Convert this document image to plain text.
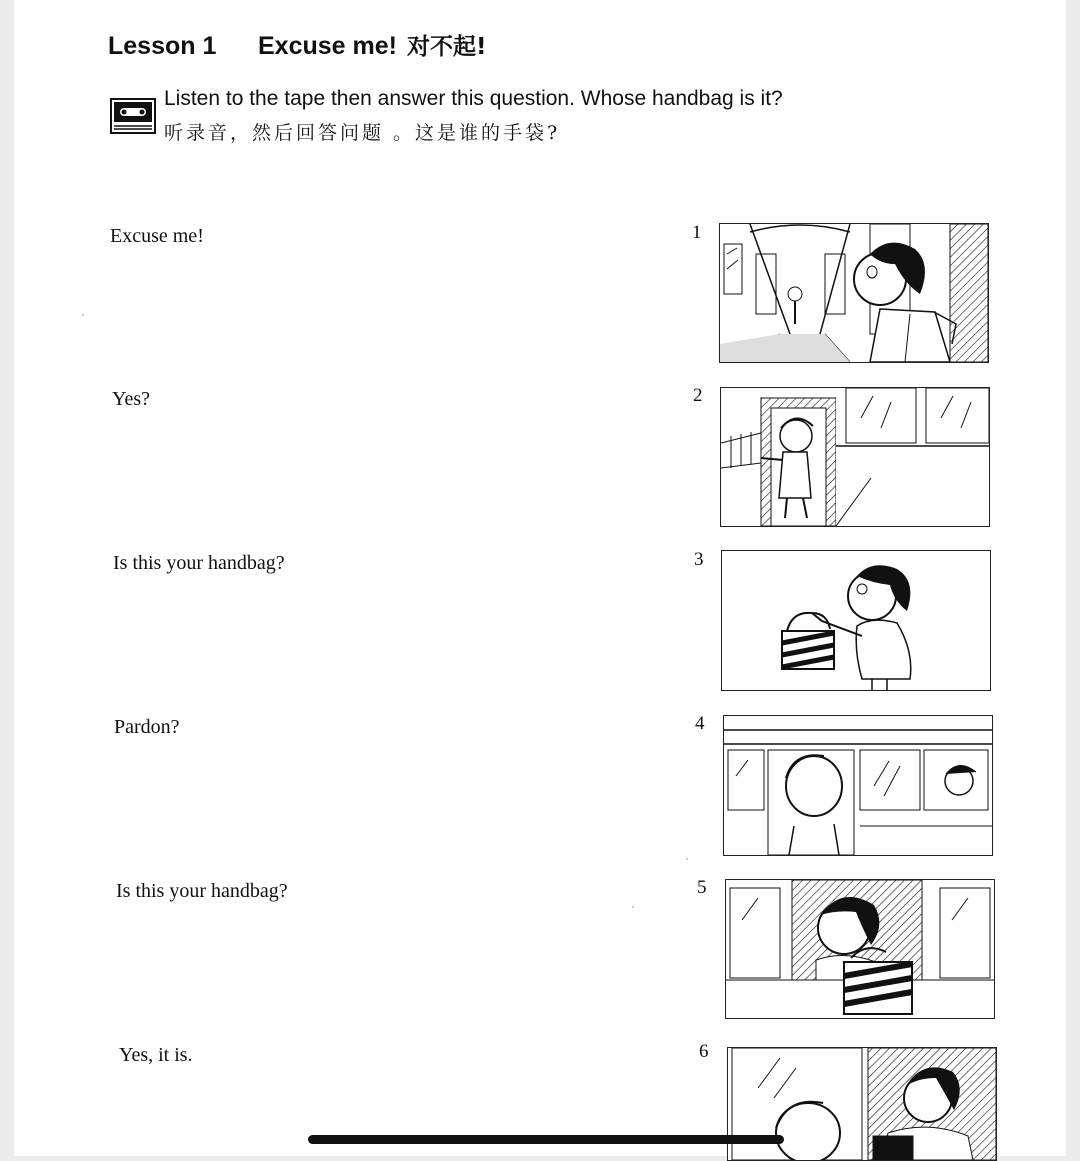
Lesson 1 Excuse me! 对不起!
Listen to the tape then answer this question. Whose handbag is it?
听录音，然后回答问题 。这是谁的手袋?
Excuse me!
Yes?
Is this your handbag?
Pardon?
Is this your handbag?
Yes, it is.
1
2
3
4
5
6
